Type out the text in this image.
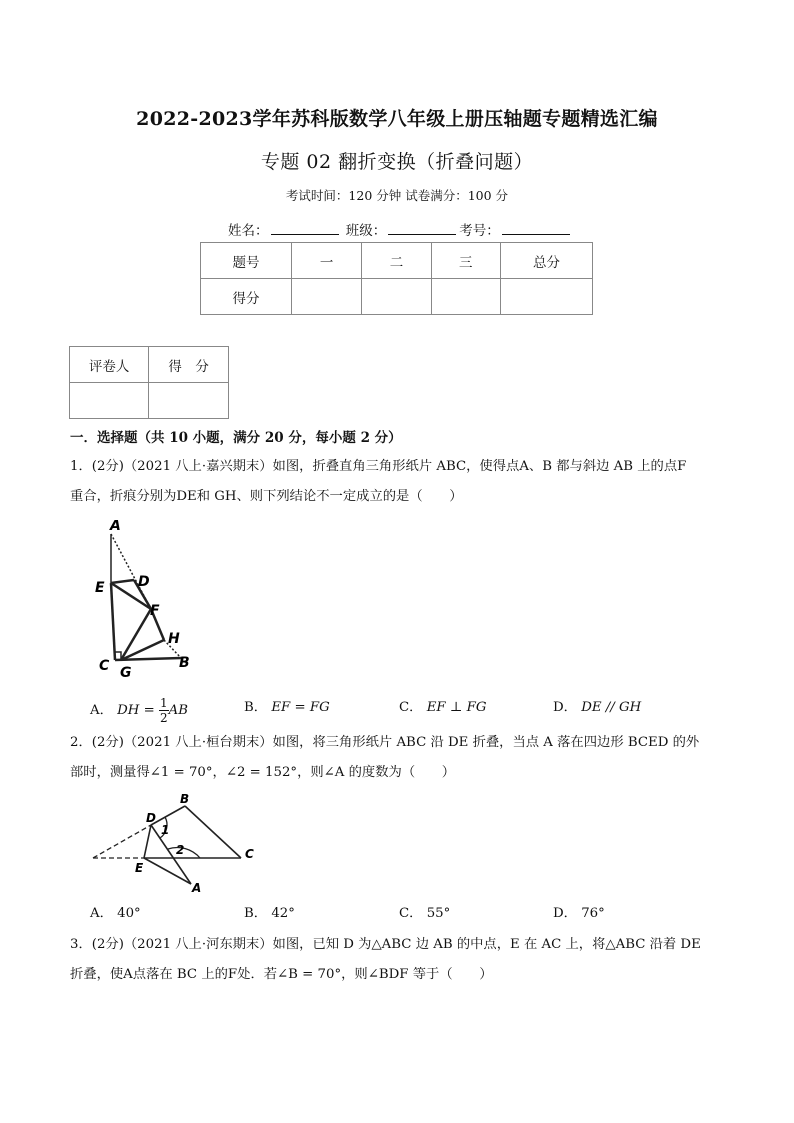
2022-2023学年苏科版数学八年级上册压轴题专题精选汇编
专题 02 翻折变换（折叠问题）
考试时间：120 分钟 试卷满分：100 分
姓名：	班级：	考号：
题号	一	二	三	总分
得分				
评卷人	得　分

一．选择题（共 10 小题，满分 20 分，每小题 2 分）
1．(2分)（2021 八上·嘉兴期末）如图，折叠直角三角形纸片 ABC，使得点A、B 都与斜边 AB 上的点F
重合，折痕分别为DE和 GH、则下列结论不一定成立的是（　　）
A
E D
F
H
C G
B
A． DH = $\frac{1}{2}$ AB	B． EF = FG	C． EF ⊥ FG	D． DE // GH
2．(2分)（2021 八上·桓台期末）如图，将三角形纸片 ABC 沿 DE 折叠，当点 A 落在四边形 BCED 的外
部时，测量得∠1 = 70°，∠2 = 152°，则∠A 的度数为（　　）
B
D
1
2	C
E
A
A． 40°	B． 42°	C． 55°	D． 76°
3．(2分)（2021 八上·河东期末）如图，已知 D 为△ABC 边 AB 的中点，E 在 AC 上，将△ABC 沿着 DE
折叠，使A点落在 BC 上的F处．若∠B = 70°，则∠BDF 等于（　　）
